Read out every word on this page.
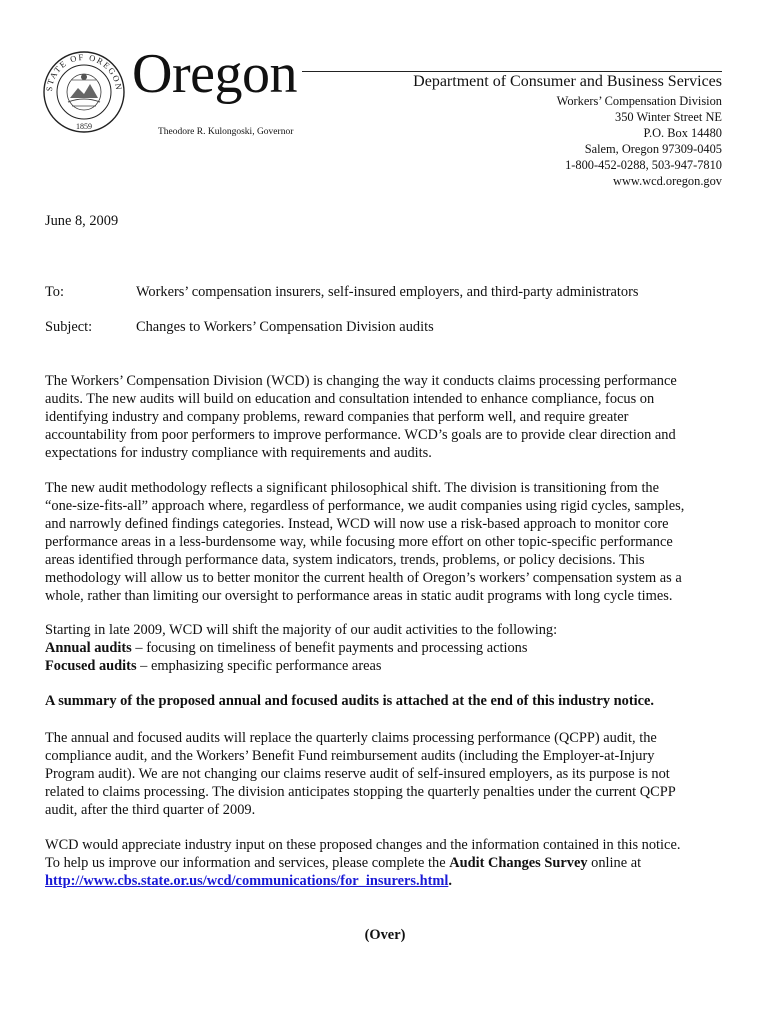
STATE OF OREGON
1859
Oregon
Theodore R. Kulongoski, Governor
Department of Consumer and Business Services
Workers’ Compensation Division
350 Winter Street NE
P.O. Box 14480
Salem, Oregon 97309-0405
1-800-452-0288, 503-947-7810
www.wcd.oregon.gov
June 8, 2009
To:	Workers’ compensation insurers, self-insured employers, and third-party administrators
Subject:	Changes to Workers’ Compensation Division audits
The Workers’ Compensation Division (WCD) is changing the way it conducts claims processing performance
audits. The new audits will build on education and consultation intended to enhance compliance, focus on
identifying industry and company problems, reward companies that perform well, and require greater
accountability from poor performers to improve performance. WCD’s goals are to provide clear direction and
expectations for industry compliance with requirements and audits.
The new audit methodology reflects a significant philosophical shift. The division is transitioning from the
“one-size-fits-all” approach where, regardless of performance, we audit companies using rigid cycles, samples,
and narrowly defined findings categories. Instead, WCD will now use a risk-based approach to monitor core
performance areas in a less-burdensome way, while focusing more effort on other topic-specific performance
areas identified through performance data, system indicators, trends, problems, or policy decisions. This
methodology will allow us to better monitor the current health of Oregon’s workers’ compensation system as a
whole, rather than limiting our oversight to performance areas in static audit programs with long cycle times.
Starting in late 2009, WCD will shift the majority of our audit activities to the following:
Annual audits – focusing on timeliness of benefit payments and processing actions
Focused audits – emphasizing specific performance areas
A summary of the proposed annual and focused audits is attached at the end of this industry notice.
The annual and focused audits will replace the quarterly claims processing performance (QCPP) audit, the
compliance audit, and the Workers’ Benefit Fund reimbursement audits (including the Employer-at-Injury
Program audit). We are not changing our claims reserve audit of self-insured employers, as its purpose is not
related to claims processing. The division anticipates stopping the quarterly penalties under the current QCPP
audit, after the third quarter of 2009.
WCD would appreciate industry input on these proposed changes and the information contained in this notice.
To help us improve our information and services, please complete the Audit Changes Survey online at
http://www.cbs.state.or.us/wcd/communications/for_insurers.html.
(Over)
